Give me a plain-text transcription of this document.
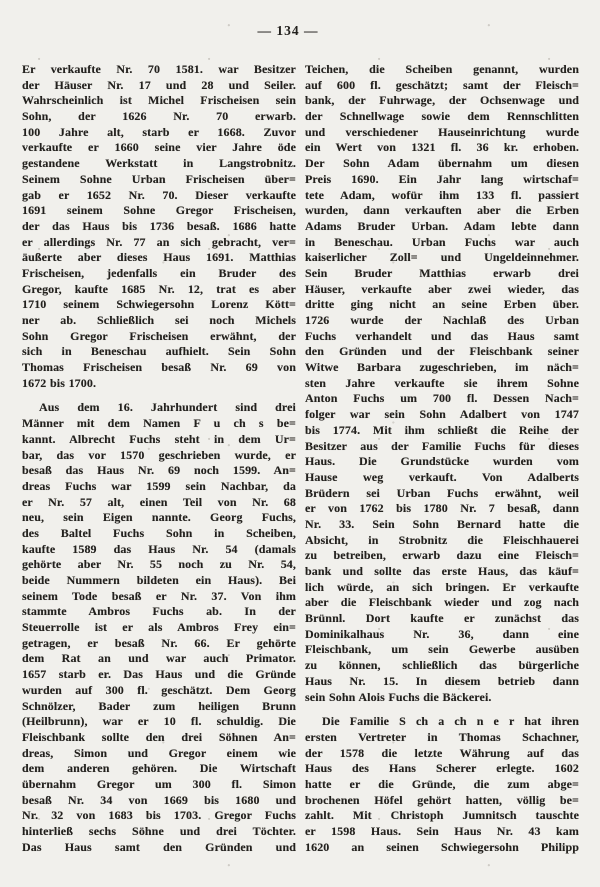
— 134 —
Er verkaufte Nr. 70 1581. war Besitzer
der Häuser Nr. 17 und 28 und Seiler.
Wahrscheinlich ist Michel Frischeisen sein
Sohn, der 1626 Nr. 70 erwarb.
100 Jahre alt, starb er 1668. Zuvor
verkaufte er 1660 seine vier Jahre öde
gestandene Werkstatt in Langstrobnitz.
Seinem Sohne Urban Frischeisen über=
gab er 1652 Nr. 70. Dieser verkaufte
1691 seinem Sohne Gregor Frischeisen,
der das Haus bis 1736 besaß. 1686 hatte
er allerdings Nr. 77 an sich gebracht, ver=
äußerte aber dieses Haus 1691. Matthias
Frischeisen, jedenfalls ein Bruder des
Gregor, kaufte 1685 Nr. 12, trat es aber
1710 seinem Schwiegersohn Lorenz Kött=
ner ab. Schließlich sei noch Michels
Sohn Gregor Frischeisen erwähnt, der
sich in Beneschau aufhielt. Sein Sohn
Thomas Frischeisen besaß Nr. 69 von
1672 bis 1700.
Aus dem 16. Jahrhundert sind drei
Männer mit dem Namen F u ch s be=
kannt. Albrecht Fuchs steht in dem Ur=
bar, das vor 1570 geschrieben wurde, er
besaß das Haus Nr. 69 noch 1599. An=
dreas Fuchs war 1599 sein Nachbar, da
er Nr. 57 alt, einen Teil von Nr. 68
neu, sein Eigen nannte. Georg Fuchs,
des Baltel Fuchs Sohn in Scheiben,
kaufte 1589 das Haus Nr. 54 (damals
gehörte aber Nr. 55 noch zu Nr. 54,
beide Nummern bildeten ein Haus). Bei
seinem Tode besaß er Nr. 37. Von ihm
stammte Ambros Fuchs ab. In der
Steuerrolle ist er als Ambros Frey ein=
getragen, er besaß Nr. 66. Er gehörte
dem Rat an und war auch Primator.
1657 starb er. Das Haus und die Gründe
wurden auf 300 fl. geschätzt. Dem Georg
Schnölzer, Bader zum heiligen Brunn
(Heilbrunn), war er 10 fl. schuldig. Die
Fleischbank sollte den drei Söhnen An=
dreas, Simon und Gregor einem wie
dem anderen gehören. Die Wirtschaft
übernahm Gregor um 300 fl. Simon
besaß Nr. 34 von 1669 bis 1680 und
Nr. 32 von 1683 bis 1703. Gregor Fuchs
hinterließ sechs Söhne und drei Töchter.
Das Haus samt den Gründen und
Teichen, die Scheiben genannt, wurden
auf 600 fl. geschätzt; samt der Fleisch=
bank, der Fuhrwage, der Ochsenwage und
der Schnellwage sowie dem Rennschlitten
und verschiedener Hauseinrichtung wurde
ein Wert von 1321 fl. 36 kr. erhoben.
Der Sohn Adam übernahm um diesen
Preis 1690. Ein Jahr lang wirtschaf=
tete Adam, wofür ihm 133 fl. passiert
wurden, dann verkauften aber die Erben
Adams Bruder Urban. Adam lebte dann
in Beneschau. Urban Fuchs war auch
kaiserlicher Zoll= und Ungeldeinnehmer.
Sein Bruder Matthias erwarb drei
Häuser, verkaufte aber zwei wieder, das
dritte ging nicht an seine Erben über.
1726 wurde der Nachlaß des Urban
Fuchs verhandelt und das Haus samt
den Gründen und der Fleischbank seiner
Witwe Barbara zugeschrieben, im näch=
sten Jahre verkaufte sie ihrem Sohne
Anton Fuchs um 700 fl. Dessen Nach=
folger war sein Sohn Adalbert von 1747
bis 1774. Mit ihm schließt die Reihe der
Besitzer aus der Familie Fuchs für dieses
Haus. Die Grundstücke wurden vom
Hause weg verkauft. Von Adalberts
Brüdern sei Urban Fuchs erwähnt, weil
er von 1762 bis 1780 Nr. 7 besaß, dann
Nr. 33. Sein Sohn Bernard hatte die
Absicht, in Strobnitz die Fleischhauerei
zu betreiben, erwarb dazu eine Fleisch=
bank und sollte das erste Haus, das käuf=
lich würde, an sich bringen. Er verkaufte
aber die Fleischbank wieder und zog nach
Brünnl. Dort kaufte er zunächst das
Dominikalhaus Nr. 36, dann eine
Fleischbank, um sein Gewerbe ausüben
zu können, schließlich das bürgerliche
Haus Nr. 15. In diesem betrieb dann
sein Sohn Alois Fuchs die Bäckerei.
Die Familie S ch a ch n e r hat ihren
ersten Vertreter in Thomas Schachner,
der 1578 die letzte Währung auf das
Haus des Hans Scherer erlegte. 1602
hatte er die Gründe, die zum abge=
brochenen Höfel gehört hatten, völlig be=
zahlt. Mit Christoph Jumnitsch tauschte
er 1598 Haus. Sein Haus Nr. 43 kam
1620 an seinen Schwiegersohn Philipp
